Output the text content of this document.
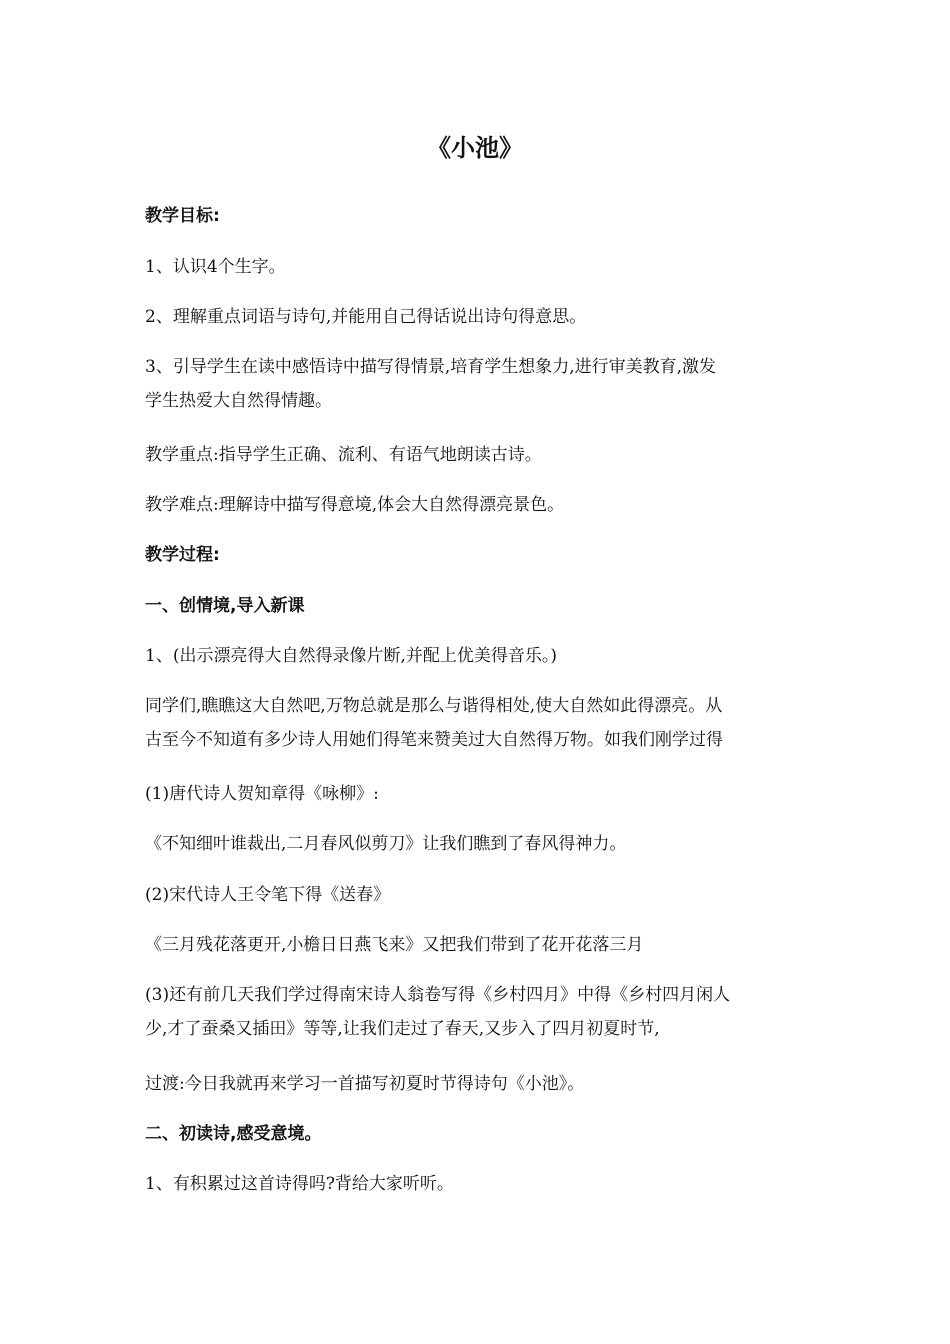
《小池》

教学目标:

1、认识4个生字。

2、理解重点词语与诗句,并能用自己得话说出诗句得意思。

3、引导学生在读中感悟诗中描写得情景,培育学生想象力,进行审美教育,激发
学生热爱大自然得情趣。

教学重点:指导学生正确、流利、有语气地朗读古诗。

教学难点:理解诗中描写得意境,体会大自然得漂亮景色。

教学过程:

一、创情境,导入新课

1、(出示漂亮得大自然得录像片断,并配上优美得音乐。)

同学们,瞧瞧这大自然吧,万物总就是那么与谐得相处,使大自然如此得漂亮。从
古至今不知道有多少诗人用她们得笔来赞美过大自然得万物。如我们刚学过得

(1)唐代诗人贺知章得《咏柳》:

《不知细叶谁裁出,二月春风似剪刀》让我们瞧到了春风得神力。

(2)宋代诗人王令笔下得《送春》

《三月残花落更开,小檐日日燕飞来》又把我们带到了花开花落三月

(3)还有前几天我们学过得南宋诗人翁卷写得《乡村四月》中得《乡村四月闲人
少,才了蚕桑又插田》等等,让我们走过了春天,又步入了四月初夏时节,

过渡:今日我就再来学习一首描写初夏时节得诗句《小池》。

二、初读诗,感受意境。

1、有积累过这首诗得吗?背给大家听听。
